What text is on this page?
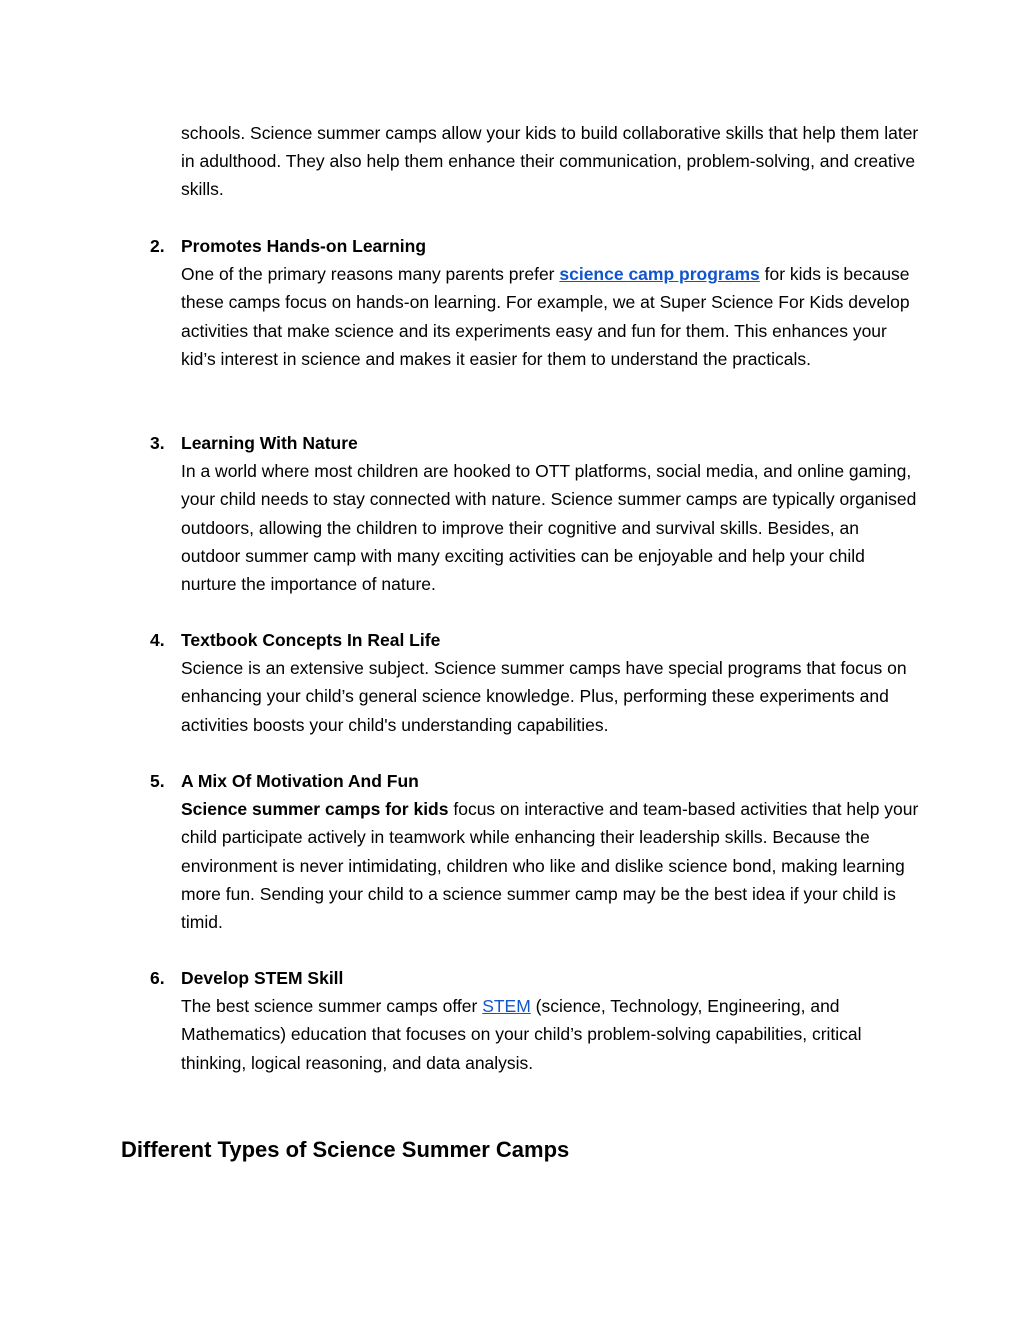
schools. Science summer camps allow your kids to build collaborative skills that help them later in adulthood. They also help them enhance their communication, problem-solving, and creative skills.

2. Promotes Hands-on Learning

One of the primary reasons many parents prefer science camp programs for kids is because these camps focus on hands-on learning. For example, we at Super Science For Kids develop activities that make science and its experiments easy and fun for them. This enhances your kid’s interest in science and makes it easier for them to understand the practicals.

3. Learning With Nature

In a world where most children are hooked to OTT platforms, social media, and online gaming, your child needs to stay connected with nature. Science summer camps are typically organised outdoors, allowing the children to improve their cognitive and survival skills. Besides, an outdoor summer camp with many exciting activities can be enjoyable and help your child nurture the importance of nature.

4. Textbook Concepts In Real Life

Science is an extensive subject. Science summer camps have special programs that focus on enhancing your child’s general science knowledge. Plus, performing these experiments and activities boosts your child's understanding capabilities.

5. A Mix Of Motivation And Fun

Science summer camps for kids focus on interactive and team-based activities that help your child participate actively in teamwork while enhancing their leadership skills. Because the environment is never intimidating, children who like and dislike science bond, making learning more fun. Sending your child to a science summer camp may be the best idea if your child is timid.

6. Develop STEM Skill

The best science summer camps offer STEM (science, Technology, Engineering, and Mathematics) education that focuses on your child’s problem-solving capabilities, critical thinking, logical reasoning, and data analysis.

Different Types of Science Summer Camps
